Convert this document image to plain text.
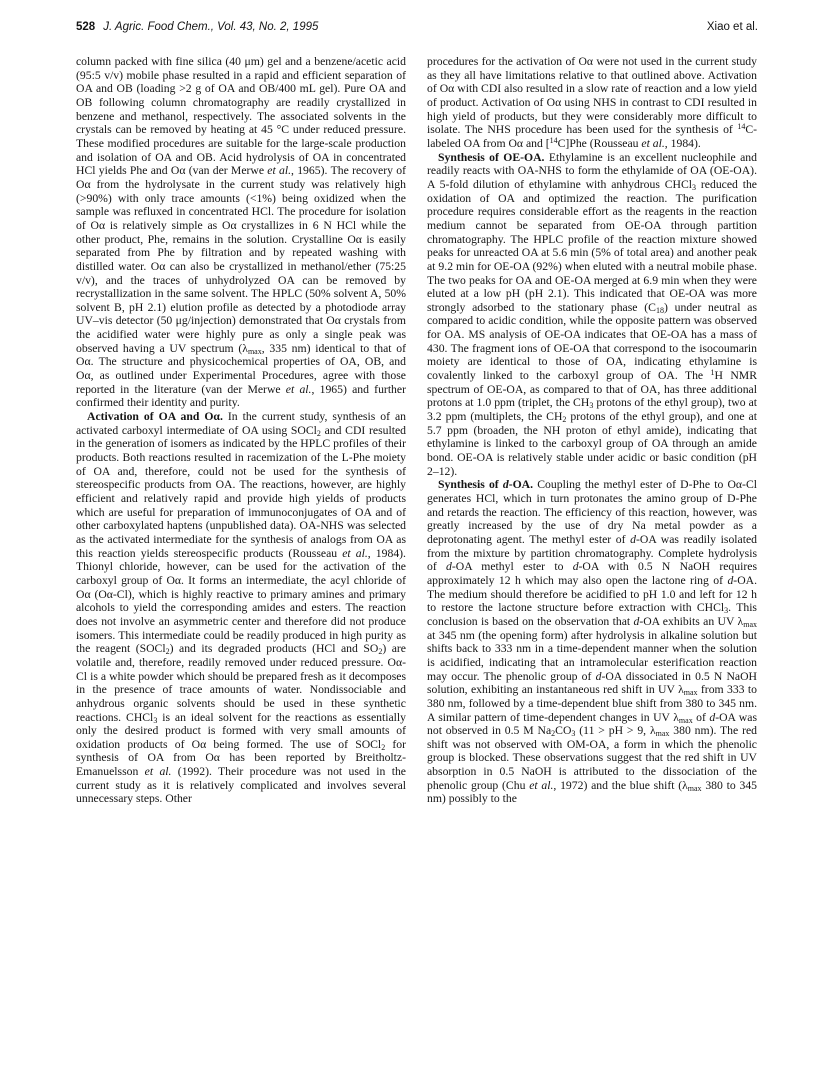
528 J. Agric. Food Chem., Vol. 43, No. 2, 1995	Xiao et al.

column packed with fine silica (40 μm) gel and a benzene/acetic acid (95:5 v/v) mobile phase resulted in a rapid and efficient separation of OA and OB (loading >2 g of OA and OB/400 mL gel). Pure OA and OB following column chromatography are readily crystallized in benzene and methanol, respectively. The associated solvents in the crystals can be removed by heating at 45 °C under reduced pressure. These modified procedures are suitable for the large-scale production and isolation of OA and OB. Acid hydrolysis of OA in concentrated HCl yields Phe and Oα (van der Merwe et al., 1965). The recovery of Oα from the hydrolysate in the current study was relatively high (>90%) with only trace amounts (<1%) being oxidized when the sample was refluxed in concentrated HCl. The procedure for isolation of Oα is relatively simple as Oα crystallizes in 6 N HCl while the other product, Phe, remains in the solution. Crystalline Oα is easily separated from Phe by filtration and by repeated washing with distilled water. Oα can also be crystallized in methanol/ether (75:25 v/v), and the traces of unhydrolyzed OA can be removed by recrystallization in the same solvent. The HPLC (50% solvent A, 50% solvent B, pH 2.1) elution profile as detected by a photodiode array UV–vis detector (50 μg/injection) demonstrated that Oα crystals from the acidified water were highly pure as only a single peak was observed having a UV spectrum ($\lambda_{max}$, 335 nm) identical to that of Oα. The structure and physicochemical properties of OA, OB, and Oα, as outlined under Experimental Procedures, agree with those reported in the literature (van der Merwe et al., 1965) and further confirmed their identity and purity.

Activation of OA and Oα. In the current study, synthesis of an activated carboxyl intermediate of OA using SOCl$_2$ and CDI resulted in the generation of isomers as indicated by the HPLC profiles of their products. Both reactions resulted in racemization of the L-Phe moiety of OA and, therefore, could not be used for the synthesis of stereospecific products from OA. The reactions, however, are highly efficient and relatively rapid and provide high yields of products which are useful for preparation of immunoconjugates of OA and of other carboxylated haptens (unpublished data). OA-NHS was selected as the activated intermediate for the synthesis of analogs from OA as this reaction yields stereospecific products (Rousseau et al., 1984). Thionyl chloride, however, can be used for the activation of the carboxyl group of Oα. It forms an intermediate, the acyl chloride of Oα (Oα-Cl), which is highly reactive to primary amines and primary alcohols to yield the corresponding amides and esters. The reaction does not involve an asymmetric center and therefore did not produce isomers. This intermediate could be readily produced in high purity as the reagent (SOCl$_2$) and its degraded products (HCl and $SO_2$) are volatile and, therefore, readily removed under reduced pressure. Oα-Cl is a white powder which should be prepared fresh as it decomposes in the presence of trace amounts of water. Nondissociable and anhydrous organic solvents should be used in these synthetic reactions. CHCl$_3$ is an ideal solvent for the reactions as essentially only the desired product is formed with very small amounts of oxidation products of Oα being formed. The use of SOCl$_2$ for synthesis of OA from Oα has been reported by Breitholtz-Emanuelsson et al. (1992). Their procedure was not used in the current study as it is relatively complicated and involves several unnecessary steps. Other

procedures for the activation of Oα were not used in the current study as they all have limitations relative to that outlined above. Activation of Oα with CDI also resulted in a slow rate of reaction and a low yield of product. Activation of Oα using NHS in contrast to CDI resulted in high yield of products, but they were considerably more difficult to isolate. The NHS procedure has been used for the synthesis of $^{14}$C-labeled OA from Oα and [$^{14}$C]Phe (Rousseau et al., 1984).

Synthesis of OE-OA. Ethylamine is an excellent nucleophile and readily reacts with OA-NHS to form the ethylamide of OA (OE-OA). A 5-fold dilution of ethylamine with anhydrous CHCl$_3$ reduced the oxidation of OA and optimized the reaction. The purification procedure requires considerable effort as the reagents in the reaction medium cannot be separated from OE-OA through partition chromatography. The HPLC profile of the reaction mixture showed peaks for unreacted OA at 5.6 min (5% of total area) and another peak at 9.2 min for OE-OA (92%) when eluted with a neutral mobile phase. The two peaks for OA and OE-OA merged at 6.9 min when they were eluted at a low pH (pH 2.1). This indicated that OE-OA was more strongly adsorbed to the stationary phase $(C_{18})$ under neutral as compared to acidic condition, while the opposite pattern was observed for OA. MS analysis of OE-OA indicates that OE-OA has a mass of 430. The fragment ions of OE-OA that correspond to the isocoumarin moiety are identical to those of OA, indicating ethylamine is covalently linked to the carboxyl group of OA. The $^1$H NMR spectrum of OE-OA, as compared to that of OA, has three additional protons at 1.0 ppm (triplet, the $CH_3$ protons of the ethyl group), two at 3.2 ppm (multiplets, the $CH_2$ protons of the ethyl group), and one at 5.7 ppm (broaden, the NH proton of ethyl amide), indicating that ethylamine is linked to the carboxyl group of OA through an amide bond. OE-OA is relatively stable under acidic or basic condition (pH 2–12).

Synthesis of d-OA. Coupling the methyl ester of D-Phe to Oα-Cl generates HCl, which in turn protonates the amino group of D-Phe and retards the reaction. The efficiency of this reaction, however, was greatly increased by the use of dry Na metal powder as a deprotonating agent. The methyl ester of d-OA was readily isolated from the mixture by partition chromatography. Complete hydrolysis of d-OA methyl ester to d-OA with 0.5 N NaOH requires approximately 12 h which may also open the lactone ring of d-OA. The medium should therefore be acidified to pH 1.0 and left for 12 h to restore the lactone structure before extraction with CHCl$_3$. This conclusion is based on the observation that d-OA exhibits an UV $\lambda_{max}$ at 345 nm (the opening form) after hydrolysis in alkaline solution but shifts back to 333 nm in a time-dependent manner when the solution is acidified, indicating that an intramolecular esterification reaction may occur. The phenolic group of d-OA dissociated in 0.5 N NaOH solution, exhibiting an instantaneous red shift in UV $\lambda_{max}$ from 333 to 380 nm, followed by a time-dependent blue shift from 380 to 345 nm. A similar pattern of time-dependent changes in UV $\lambda_{max}$ of d-OA was not observed in 0.5 M $Na_2CO_3$ (11 > pH > 9, $\lambda_{max}$ 380 nm). The red shift was not observed with OM-OA, a form in which the phenolic group is blocked. These observations suggest that the red shift in UV absorption in 0.5 NaOH is attributed to the dissociation of the phenolic group (Chu et al., 1972) and the blue shift ($\lambda_{max}$ 380 to 345 nm) possibly to the
